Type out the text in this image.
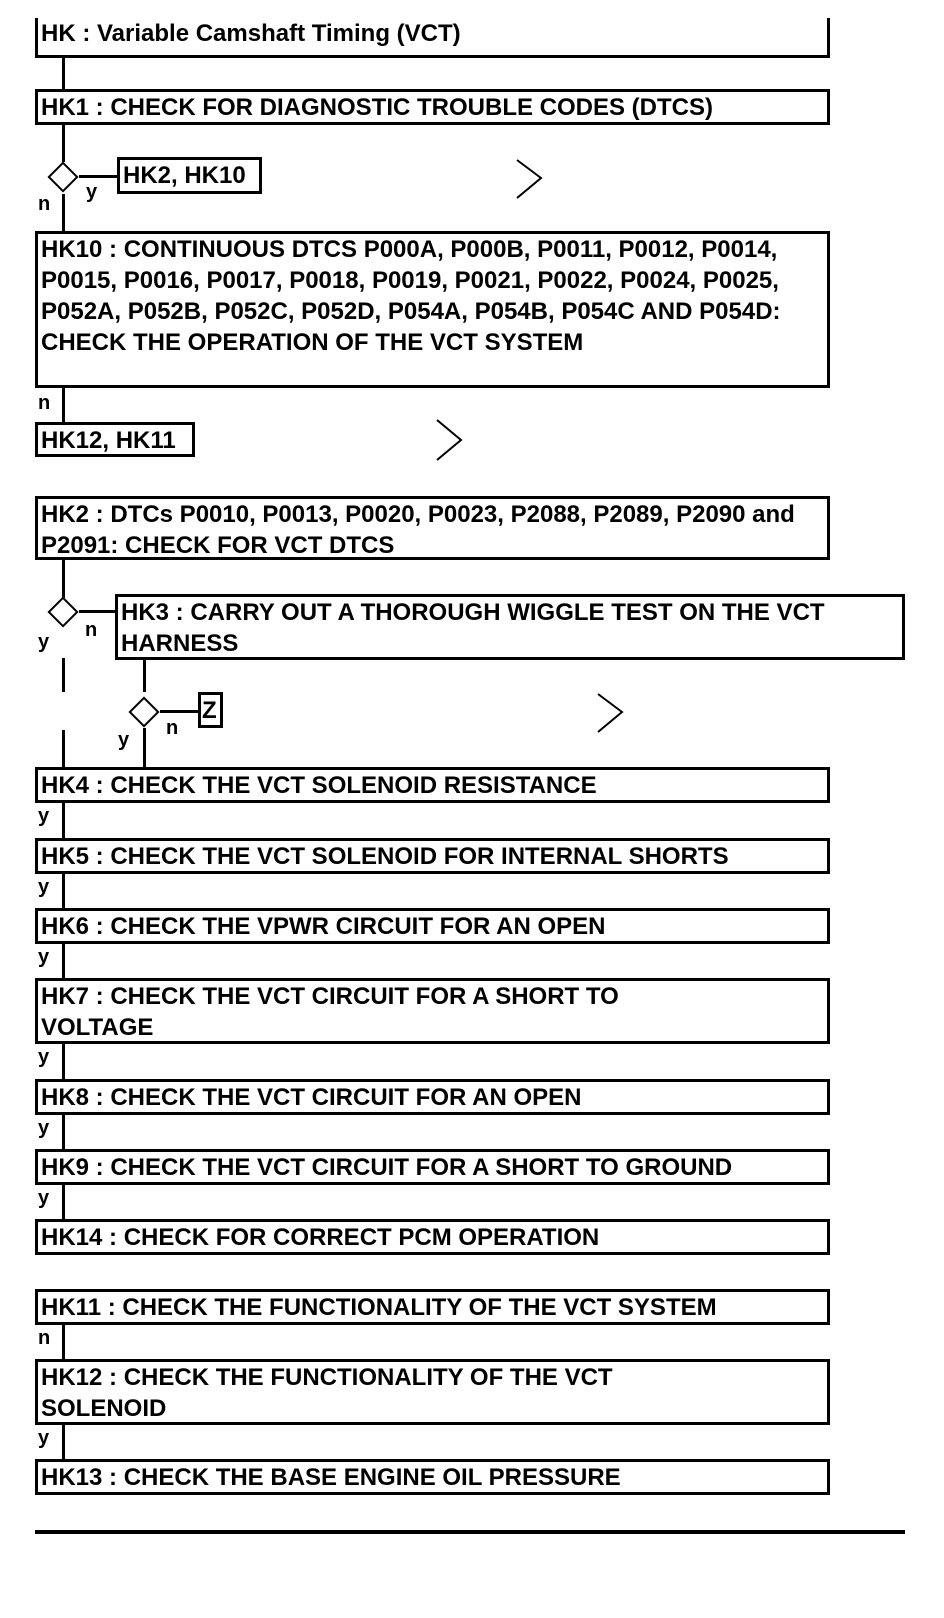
HK : Variable Camshaft Timing (VCT)
HK1 : CHECK FOR DIAGNOSTIC TROUBLE CODES (DTCS)
y
n
HK2, HK10
HK10 : CONTINUOUS DTCS P000A, P000B, P0011, P0012, P0014, P0015, P0016, P0017, P0018, P0019, P0021, P0022, P0024, P0025, P052A, P052B, P052C, P052D, P054A, P054B, P054C AND P054D: CHECK THE OPERATION OF THE VCT SYSTEM
n
HK12, HK11
HK2 : DTCs P0010, P0013, P0020, P0023, P2088, P2089, P2090 and P2091: CHECK FOR VCT DTCS
n
y
HK3 : CARRY OUT A THOROUGH WIGGLE TEST ON THE VCT HARNESS
n
y
Z
HK4 : CHECK THE VCT SOLENOID RESISTANCE
y
HK5 : CHECK THE VCT SOLENOID FOR INTERNAL SHORTS
y
HK6 : CHECK THE VPWR CIRCUIT FOR AN OPEN
y
HK7 : CHECK THE VCT CIRCUIT FOR A SHORT TO VOLTAGE
y
HK8 : CHECK THE VCT CIRCUIT FOR AN OPEN
y
HK9 : CHECK THE VCT CIRCUIT FOR A SHORT TO GROUND
y
HK14 : CHECK FOR CORRECT PCM OPERATION
HK11 : CHECK THE FUNCTIONALITY OF THE VCT SYSTEM
n
HK12 : CHECK THE FUNCTIONALITY OF THE VCT SOLENOID
y
HK13 : CHECK THE BASE ENGINE OIL PRESSURE
